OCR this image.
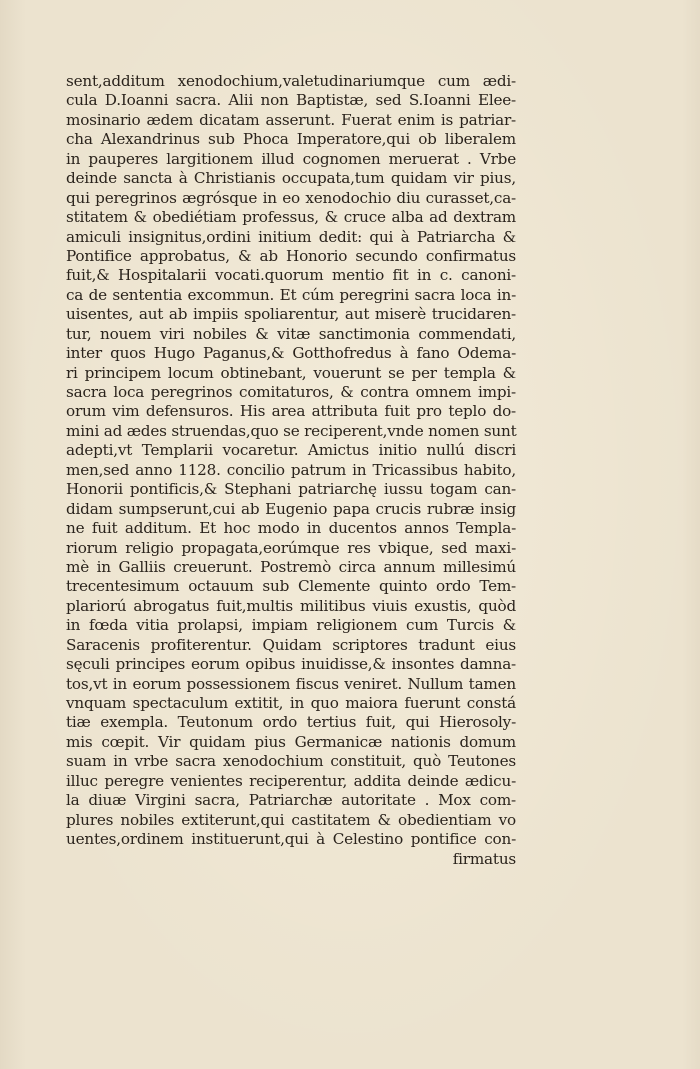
sent,additum xenodochium,valetudinariumque cum ædi-
cula D.Ioanni sacra. Alii non Baptistæ, sed S.Ioanni Elee-
mosinario ædem dicatam asserunt. Fuerat enim is patriar-
cha Alexandrinus sub Phoca Imperatore,qui ob liberalem
in pauperes largitionem illud cognomen meruerat . Vrbe
deinde sancta à Christianis occupata,tum quidam vir pius,
qui peregrinos ægrósque in eo xenodochio diu curasset,ca-
stitatem & obediétiam professus, & cruce alba ad dextram
amiculi insignitus,ordini initium dedit: qui à Patriarcha &
Pontifice approbatus, & ab Honorio secundo confirmatus
fuit,& Hospitalarii vocati.quorum mentio fit in c. canoni-
ca de sententia excommun. Et cúm peregrini sacra loca in-
uisentes, aut ab impiis spoliarentur, aut miserè trucidaren-
tur, nouem viri nobiles & vitæ sanctimonia commendati,
inter quos Hugo Paganus,& Gotthofredus à fano Odema-
ri principem locum obtinebant, vouerunt se per templa &
sacra loca peregrinos comitaturos, & contra omnem impi-
orum vim defensuros. His area attributa fuit pro teplo do-
mini ad ædes struendas,quo se reciperent,vnde nomen sunt
adepti,vt Templarii vocaretur. Amictus initio nullú discri
men,sed anno 1128. concilio patrum in Tricassibus habito,
Honorii pontificis,& Stephani patriarchę iussu togam can-
didam sumpserunt,cui ab Eugenio papa crucis rubræ insig
ne fuit additum. Et hoc modo in ducentos annos Templa-
riorum religio propagata,eorúmque res vbique, sed maxi-
mè in Galliis creuerunt. Postremò circa annum millesimú
trecentesimum octauum sub Clemente quinto ordo Tem-
plariorú abrogatus fuit,multis militibus viuis exustis, quòd
in fœda vitia prolapsi, impiam religionem cum Turcis &
Saracenis profiterentur. Quidam scriptores tradunt eius
sęculi principes eorum opibus inuidisse,& insontes damna-
tos,vt in eorum possessionem fiscus veniret. Nullum tamen
vnquam spectaculum extitit, in quo maiora fuerunt constá
tiæ exempla. Teutonum ordo tertius fuit, qui Hierosoly-
mis cœpit. Vir quidam pius Germanicæ nationis domum
suam in vrbe sacra xenodochium constituit, quò Teutones
illuc peregre venientes reciperentur, addita deinde ædicu-
la diuæ Virgini sacra, Patriarchæ autoritate . Mox com-
plures nobiles extiterunt,qui castitatem & obedientiam vo
uentes,ordinem instituerunt,qui à Celestino pontifice con-
firmatus
